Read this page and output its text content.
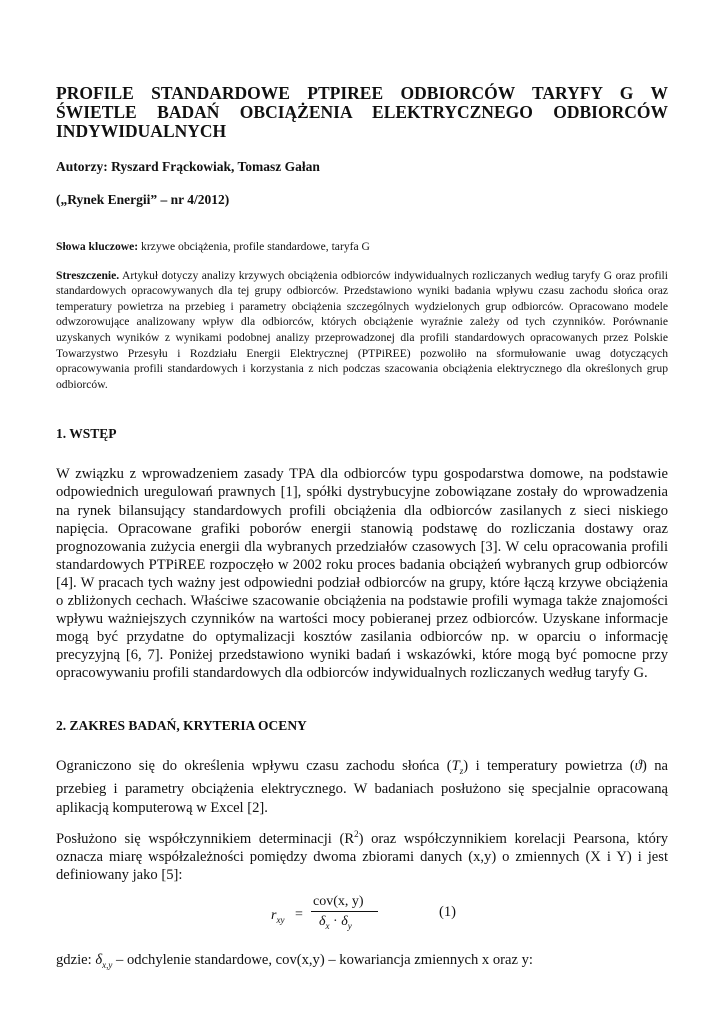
PROFILE STANDARDOWE PTPIREE ODBIORCÓW TARYFY G W ŚWIETLE BADAŃ OBCIĄŻENIA ELEKTRYCZNEGO ODBIORCÓW INDYWIDUALNYCH

Autorzy: Ryszard Frąckowiak, Tomasz Gałan
(„Rynek Energii” – nr 4/2012)
Słowa kluczowe: krzywe obciążenia, profile standardowe, taryfa G
Streszczenie. Artykuł dotyczy analizy krzywych obciążenia odbiorców indywidualnych rozliczanych według taryfy G oraz profili standardowych opracowywanych dla tej grupy odbiorców. Przedstawiono wyniki badania wpływu czasu zachodu słońca oraz temperatury powietrza na przebieg i parametry obciążenia szczególnych wydzielonych grup odbiorców. Opracowano modele odwzorowujące analizowany wpływ dla odbiorców, których obciążenie wyraźnie zależy od tych czynników. Porównanie uzyskanych wyników z wynikami podobnej analizy przeprowadzonej dla profili standardowych opracowanych przez Polskie Towarzystwo Przesyłu i Rozdziału Energii Elektrycznej (PTPiREE) pozwoliło na sformułowanie uwag dotyczących opracowywania profili standardowych i korzystania z nich podczas szacowania obciążenia elektrycznego dla określonych grup odbiorców.
1. WSTĘP

W związku z wprowadzeniem zasady TPA dla odbiorców typu gospodarstwa domowe, na podstawie odpowiednich uregulowań prawnych [1], spółki dystrybucyjne zobowiązane zostały do wprowadzenia na rynek bilansujący standardowych profili obciążenia dla odbiorców zasilanych z sieci niskiego napięcia. Opracowane grafiki poborów energii stanowią podstawę do rozliczania dostawy oraz prognozowania zużycia energii dla wybranych przedziałów czasowych [3]. W celu opracowania profili standardowych PTPiREE rozpoczęło w 2002 roku proces badania obciążeń wybranych grup odbiorców [4]. W pracach tych ważny jest odpowiedni podział odbiorców na grupy, które łączą krzywe obciążenia o zbliżonych cechach. Właściwe szacowanie obciążenia na podstawie profili wymaga także znajomości wpływu ważniejszych czynników na wartości mocy pobieranej przez odbiorców. Uzyskane informacje mogą być przydatne do optymalizacji kosztów zasilania odbiorców np. w oparciu o informację precyzyjną [6, 7]. Poniżej przedstawiono wyniki badań i wskazówki, które mogą być pomocne przy opracowywaniu profili standardowych dla odbiorców indywidualnych rozliczanych według taryfy G.

2. ZAKRES BADAŃ, KRYTERIA OCENY

Ograniczono się do określenia wpływu czasu zachodu słońca $(T_z)$ i temperatury powietrza (ϑ) na przebieg i parametry obciążenia elektrycznego. W badaniach posłużono się specjalnie opracowaną aplikacją komputerową w Excel [2].

Posłużono się współczynnikiem determinacji $(R^2)$ oraz współczynnikiem korelacji Pearsona, który oznacza miarę współzależności pomiędzy dwoma zbiorami danych (x,y) o zmiennych (X i Y) i jest definiowany jako [5]:

$r_{xy}$ =
cov(x, y)
$\delta_x \cdot \delta_y$
(1)
gdzie: $\delta_{x,y}$ – odchylenie standardowe, cov(x,y) – kowariancja zmiennych x oraz y:
